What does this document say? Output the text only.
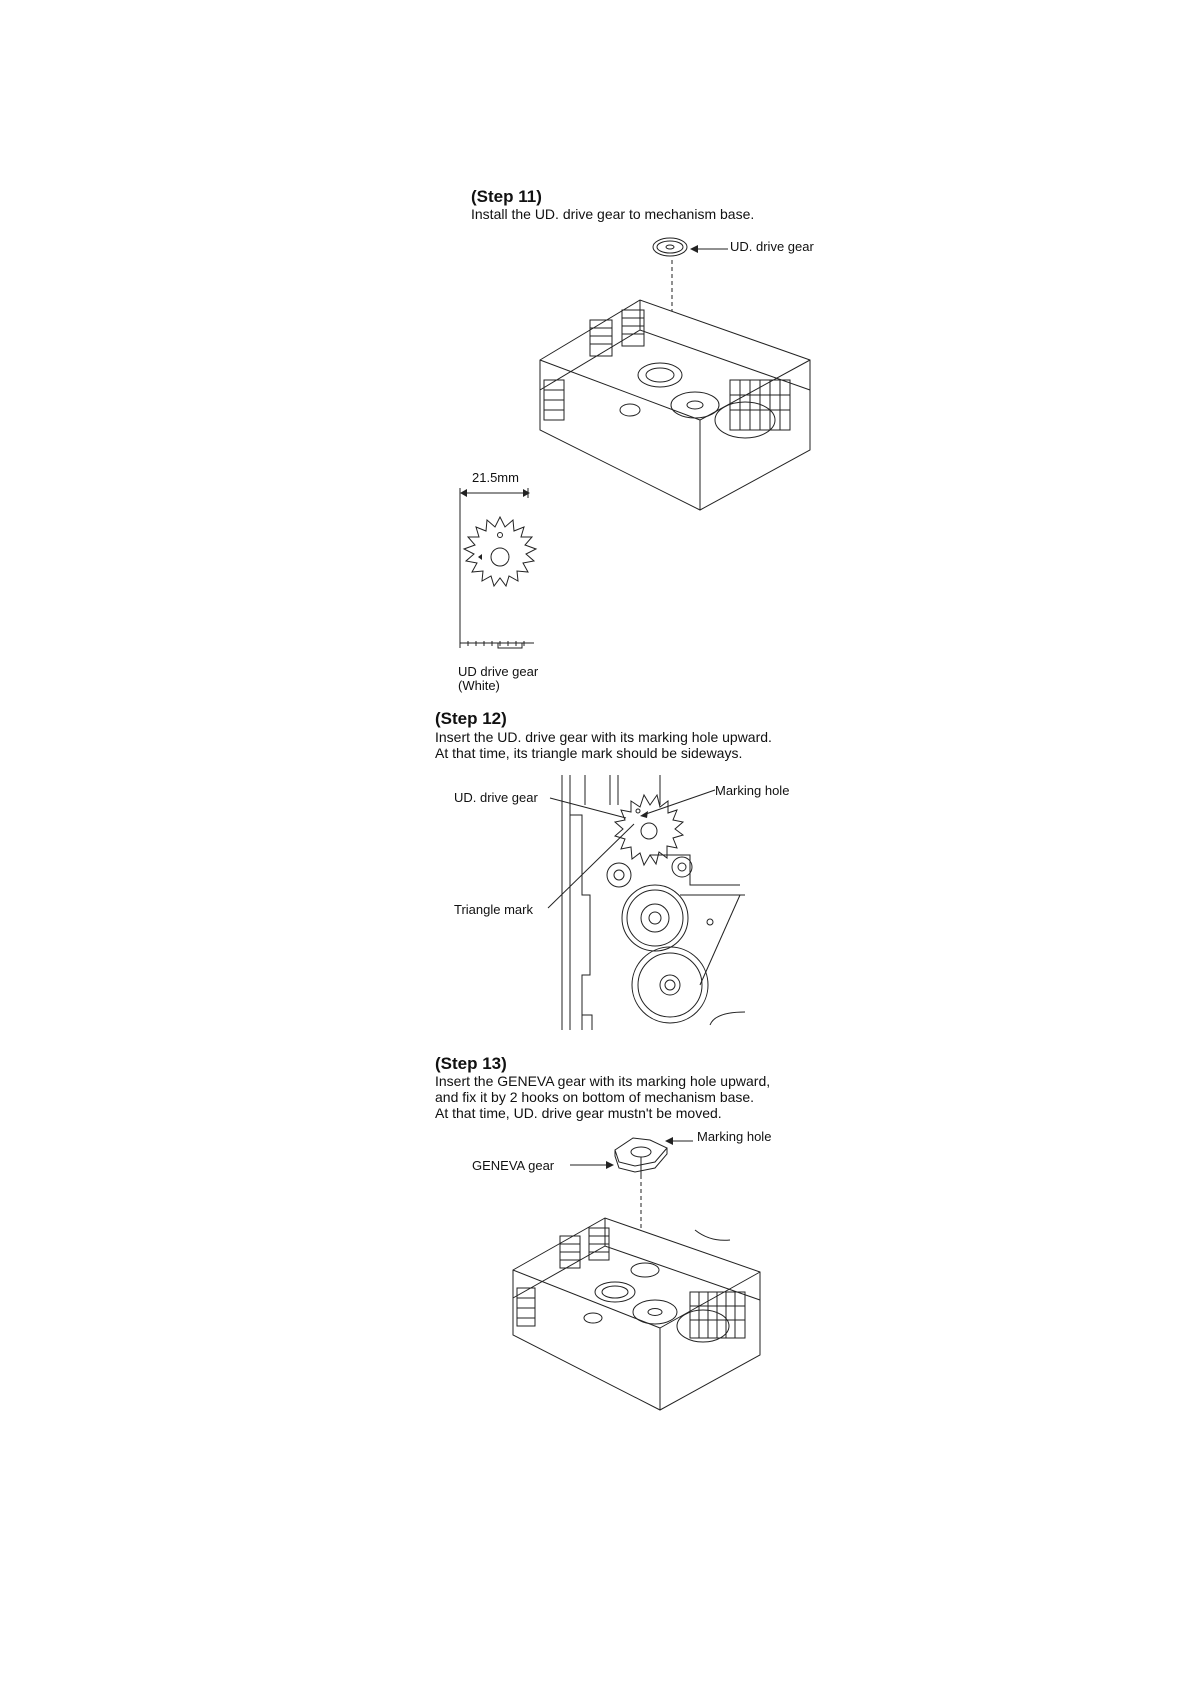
(Step 11)
Install the UD. drive gear to mechanism base.
UD. drive gear
21.5mm
UD drive gear
(White)
(Step 12)
Insert the UD. drive gear with its marking hole upward.
At that time, its triangle mark should be sideways.
UD. drive gear	Marking hole
Triangle mark
(Step 13)
Insert the GENEVA gear with its marking hole upward,
and fix it by 2 hooks on bottom of mechanism base.
At that time, UD. drive gear mustn't be moved.
Marking hole
GENEVA gear
